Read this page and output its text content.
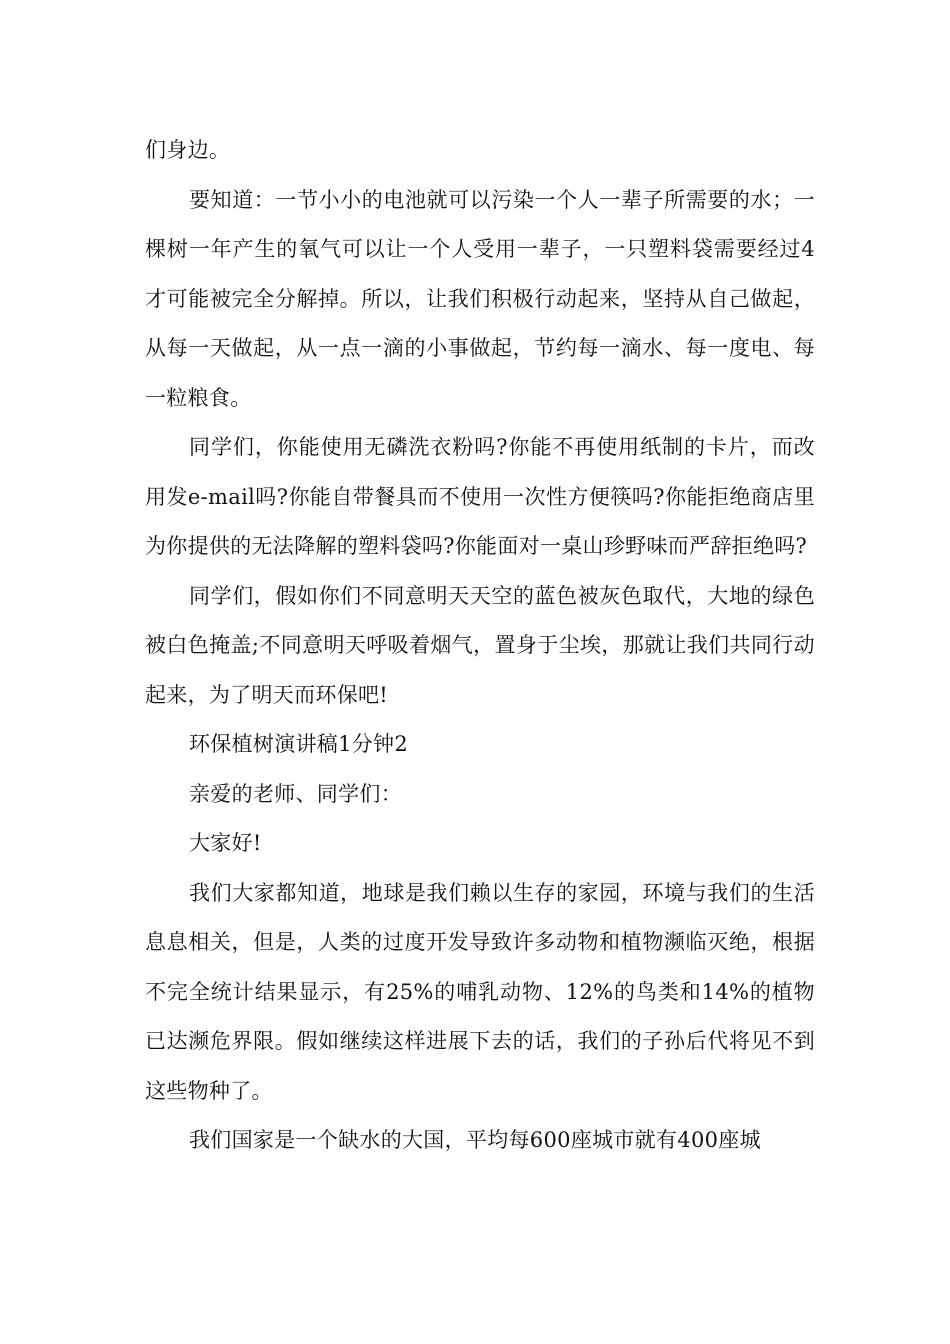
们身边。

要知道：一节小小的电池就可以污染一个人一辈子所需要的水；一棵树一年产生的氧气可以让一个人受用一辈子，一只塑料袋需要经过4才可能被完全分解掉。所以，让我们积极行动起来，坚持从自己做起，从每一天做起，从一点一滴的小事做起，节约每一滴水、每一度电、每一粒粮食。

同学们，你能使用无磷洗衣粉吗?你能不再使用纸制的卡片，而改用发e-mail吗?你能自带餐具而不使用一次性方便筷吗?你能拒绝商店里为你提供的无法降解的塑料袋吗?你能面对一桌山珍野味而严辞拒绝吗?

同学们，假如你们不同意明天天空的蓝色被灰色取代，大地的绿色被白色掩盖;不同意明天呼吸着烟气，置身于尘埃，那就让我们共同行动起来，为了明天而环保吧!

环保植树演讲稿1分钟2

亲爱的老师、同学们：

大家好!

我们大家都知道，地球是我们赖以生存的家园，环境与我们的生活息息相关，但是，人类的过度开发导致许多动物和植物濒临灭绝，根据不完全统计结果显示，有25%的哺乳动物、12%的鸟类和14%的植物已达濒危界限。假如继续这样进展下去的话，我们的子孙后代将见不到这些物种了。

我们国家是一个缺水的大国，平均每600座城市就有400座城
